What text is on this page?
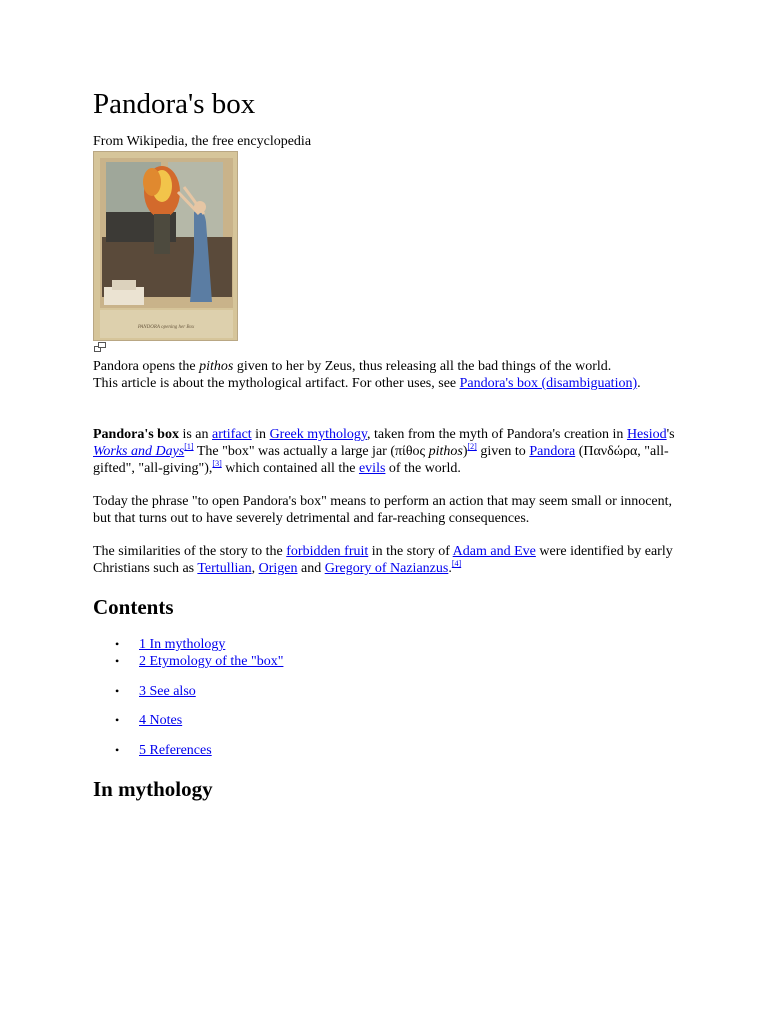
Pandora's box

From Wikipedia, the free encyclopedia

PANDORA opening her Box

Pandora opens the pithos given to her by Zeus, thus releasing all the bad things of the world.

This article is about the mythological artifact. For other uses, see Pandora's box (disambiguation).

Pandora's box is an artifact in Greek mythology, taken from the myth of Pandora's creation in Hesiod's Works and Days[1] The "box" was actually a large jar (πίθος pithos)[2] given to Pandora (Πανδώρα, "all-gifted", "all-giving"),[3] which contained all the evils of the world.

Today the phrase "to open Pandora's box" means to perform an action that may seem small or innocent, but that turns out to have severely detrimental and far-reaching consequences.

The similarities of the story to the forbidden fruit in the story of Adam and Eve were identified by early Christians such as Tertullian, Origen and Gregory of Nazianzus.[4]

Contents
• 1 In mythology
• 2 Etymology of the "box"
• 3 See also
• 4 Notes
• 5 References
In mythology
